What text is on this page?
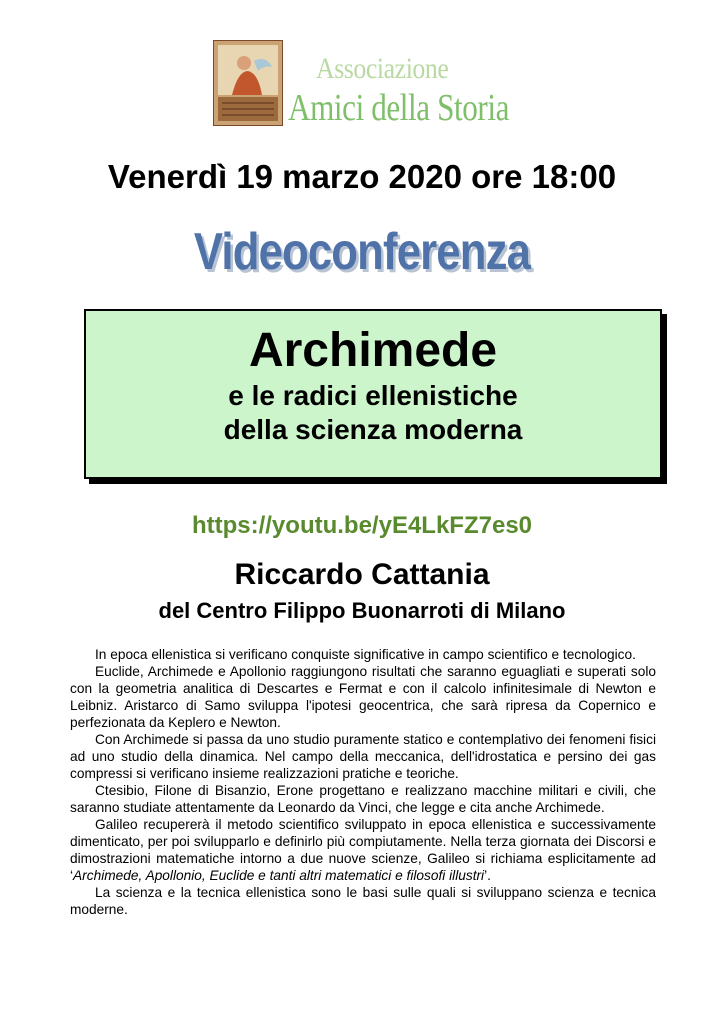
Associazione
Amici della Storia
Venerdì 19 marzo 2020 ore 18:00
Videoconferenza
Archimede
e le radici ellenistiche
della scienza moderna
https://youtu.be/yE4LkFZ7es0
Riccardo Cattania
del Centro Filippo Buonarroti di Milano

In epoca ellenistica si verificano conquiste significative in campo scientifico e tecnologico.

Euclide, Archimede e Apollonio raggiungono risultati che saranno eguagliati e superati solo con la geometria analitica di Descartes e Fermat e con il calcolo infinitesimale di Newton e Leibniz. Aristarco di Samo sviluppa l'ipotesi geocentrica, che sarà ripresa da Copernico e perfezionata da Keplero e Newton.

Con Archimede si passa da uno studio puramente statico e contemplativo dei fenomeni fisici ad uno studio della dinamica. Nel campo della meccanica, dell'idrostatica e persino dei gas compressi si verificano insieme realizzazioni pratiche e teoriche.

Ctesibio, Filone di Bisanzio, Erone progettano e realizzano macchine militari e civili, che saranno studiate attentamente da Leonardo da Vinci, che legge e cita anche Archimede.

Galileo recupererà il metodo scientifico sviluppato in epoca ellenistica e successivamente dimenticato, per poi svilupparlo e definirlo più compiutamente. Nella terza giornata dei Discorsi e dimostrazioni matematiche intorno a due nuove scienze, Galileo si richiama esplicitamente ad ‘Archimede, Apollonio, Euclide e tanti altri matematici e filosofi illustri’.

La scienza e la tecnica ellenistica sono le basi sulle quali si sviluppano scienza e tecnica moderne.
